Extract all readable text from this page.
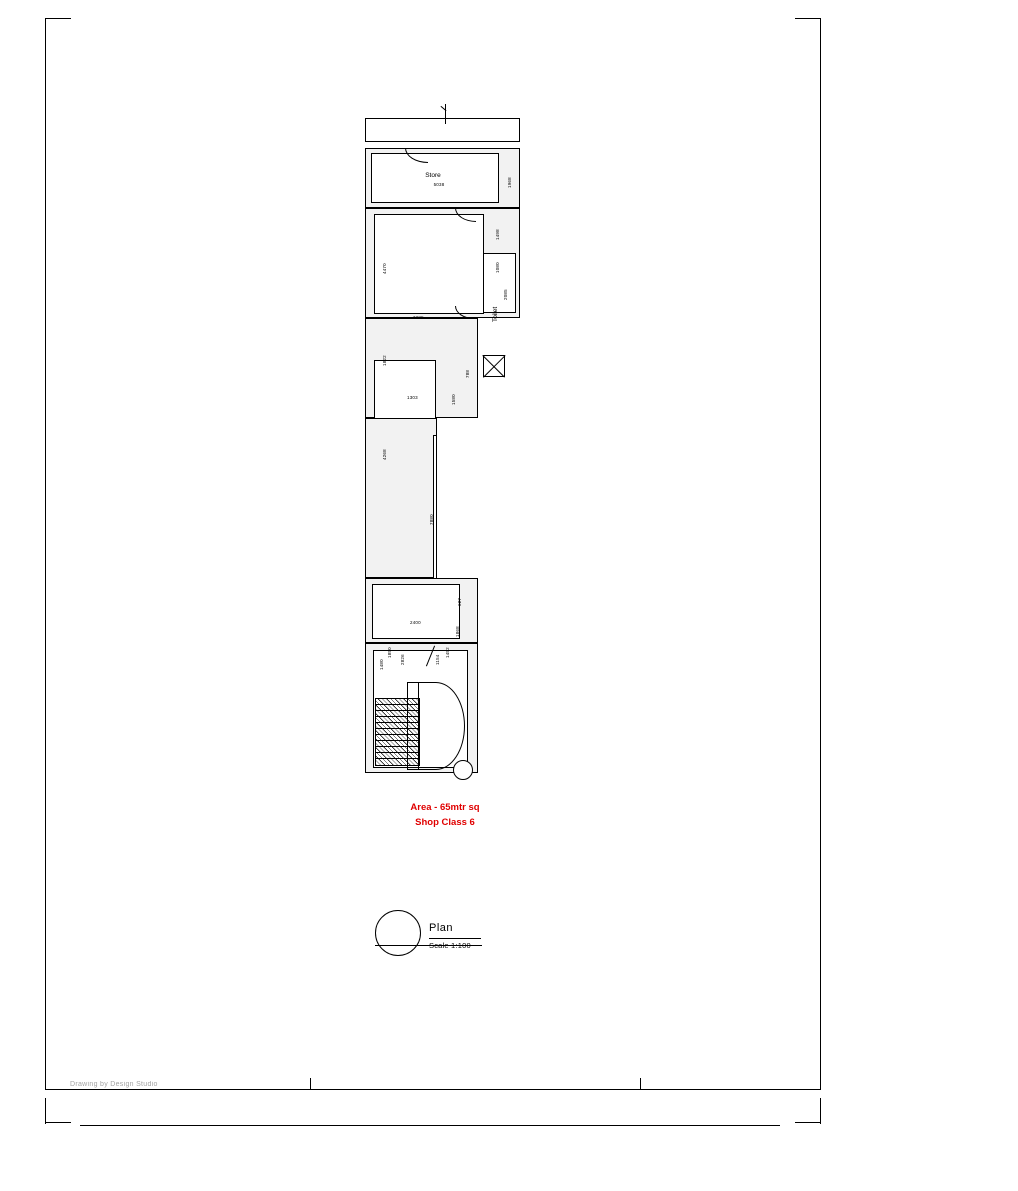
Store
5038	1968
1498
4470
Toilet
1080
2085
1822
1303
788
1580
4268
7880
2400
1868
627
2826	1154
1452
1480
1850
Area - 65mtr sq
Shop Class 6
Plan
Scale 1:100
Drawing by Design Studio
